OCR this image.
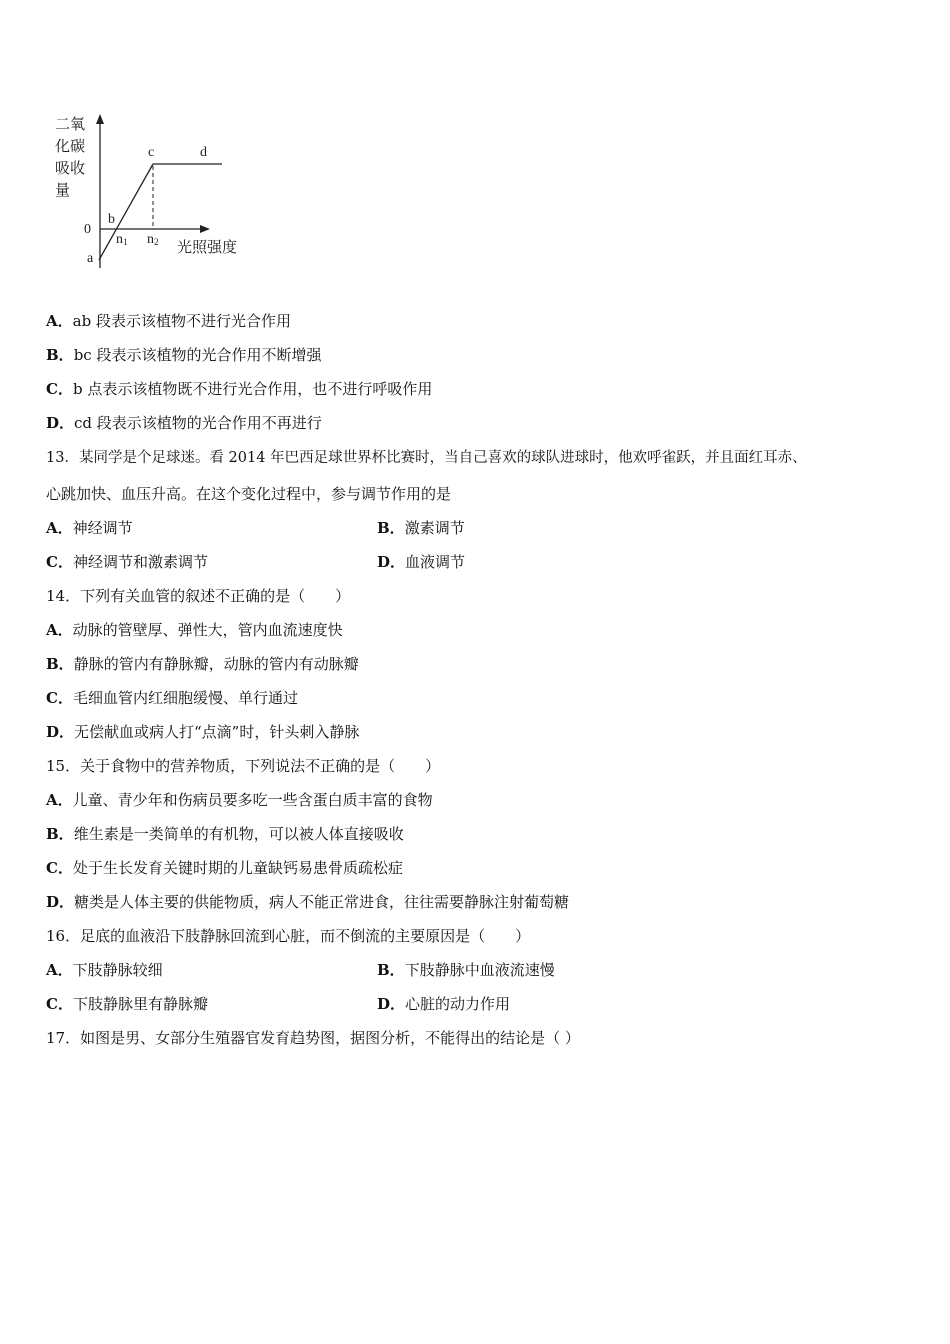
二氧
化碳
吸收
量
0
a
b
c	d
n1 n2 光照强度
A．ab 段表示该植物不进行光合作用
B．bc 段表示该植物的光合作用不断增强
C．b 点表示该植物既不进行光合作用，也不进行呼吸作用
D．cd 段表示该植物的光合作用不再进行
13．某同学是个足球迷。看 2014 年巴西足球世界杯比赛时，当自己喜欢的球队进球时，他欢呼雀跃，并且面红耳赤、
心跳加快、血压升高。在这个变化过程中，参与调节作用的是
A．神经调节	B．激素调节
C．神经调节和激素调节	D．血液调节
14．下列有关血管的叙述不正确的是（　　）
A．动脉的管壁厚、弹性大，管内血流速度快
B．静脉的管内有静脉瓣，动脉的管内有动脉瓣
C．毛细血管内红细胞缓慢、单行通过
D．无偿献血或病人打“点滴”时，针头刺入静脉
15．关于食物中的营养物质，下列说法不正确的是（　　）
A．儿童、青少年和伤病员要多吃一些含蛋白质丰富的食物
B．维生素是一类简单的有机物，可以被人体直接吸收
C．处于生长发育关键时期的儿童缺钙易患骨质疏松症
D．糖类是人体主要的供能物质，病人不能正常进食，往往需要静脉注射葡萄糖
16．足底的血液沿下肢静脉回流到心脏，而不倒流的主要原因是（　　）
A．下肢静脉较细	B．下肢静脉中血液流速慢
C．下肢静脉里有静脉瓣	D．心脏的动力作用
17．如图是男、女部分生殖器官发育趋势图，据图分析，不能得出的结论是（ ）
